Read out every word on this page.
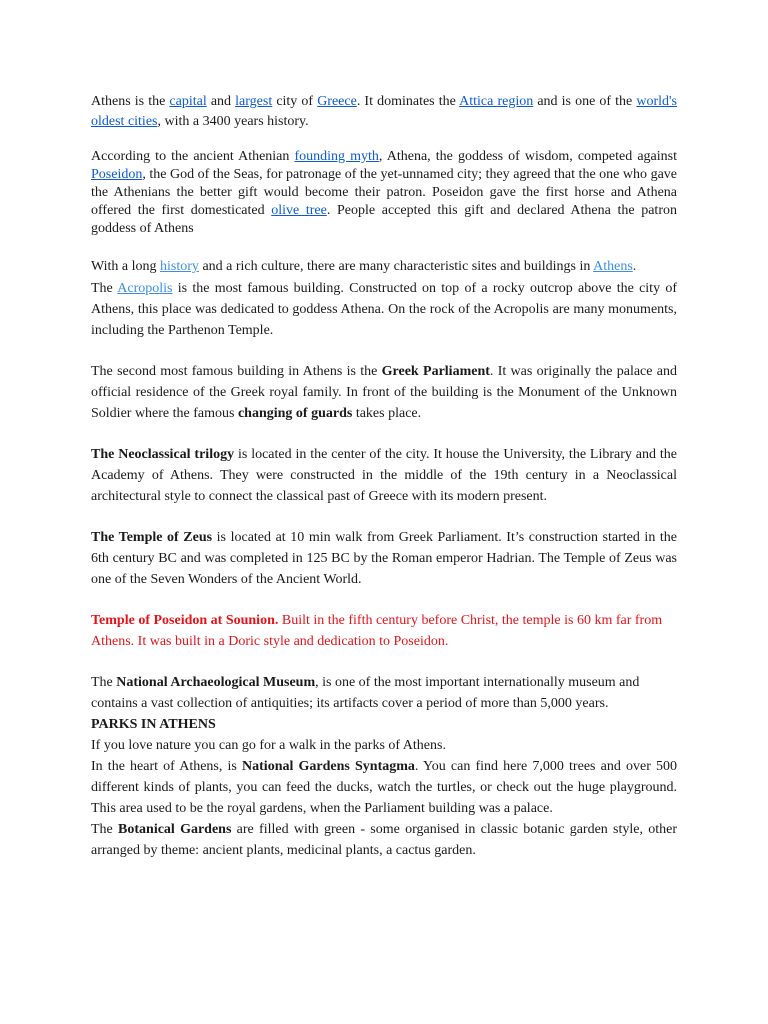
Athens is the capital and largest city of Greece. It dominates the Attica region and is one of the world's oldest cities, with a 3400 years history.

According to the ancient Athenian founding myth, Athena, the goddess of wisdom, competed against Poseidon, the God of the Seas, for patronage of the yet-unnamed city; they agreed that the one who gave the Athenians the better gift would become their patron. Poseidon gave the first horse and Athena offered the first domesticated olive tree. People accepted this gift and declared Athena the patron goddess of Athens

With a long history and a rich culture, there are many characteristic sites and buildings in Athens.

The Acropolis is the most famous building. Constructed on top of a rocky outcrop above the city of Athens, this place was dedicated to goddess Athena. On the rock of the Acropolis are many monuments, including the Parthenon Temple.

The second most famous building in Athens is the Greek Parliament. It was originally the palace and official residence of the Greek royal family. In front of the building is the Monument of the Unknown Soldier where the famous changing of guards takes place.

The Neoclassical trilogy is located in the center of the city. It house the University, the Library and the Academy of Athens. They were constructed in the middle of the 19th century in a Neoclassical architectural style to connect the classical past of Greece with its modern present.

The Temple of Zeus is located at 10 min walk from Greek Parliament. It’s construction started in the 6th century BC and was completed in 125 BC by the Roman emperor Hadrian. The Temple of Zeus was one of the Seven Wonders of the Ancient World.

Temple of Poseidon at Sounion. Built in the fifth century before Christ, the temple is 60 km far from Athens. It was built in a Doric style and dedication to Poseidon.

The National Archaeological Museum, is one of the most important internationally museum and contains a vast collection of antiquities; its artifacts cover a period of more than 5,000 years.

PARKS IN ATHENS

If you love nature you can go for a walk in the parks of Athens.

In the heart of Athens, is National Gardens Syntagma. You can find here 7,000 trees and over 500 different kinds of plants, you can feed the ducks, watch the turtles, or check out the huge playground. This area used to be the royal gardens, when the Parliament building was a palace.

The Botanical Gardens are filled with green - some organised in classic botanic garden style, other arranged by theme: ancient plants, medicinal plants, a cactus garden.
